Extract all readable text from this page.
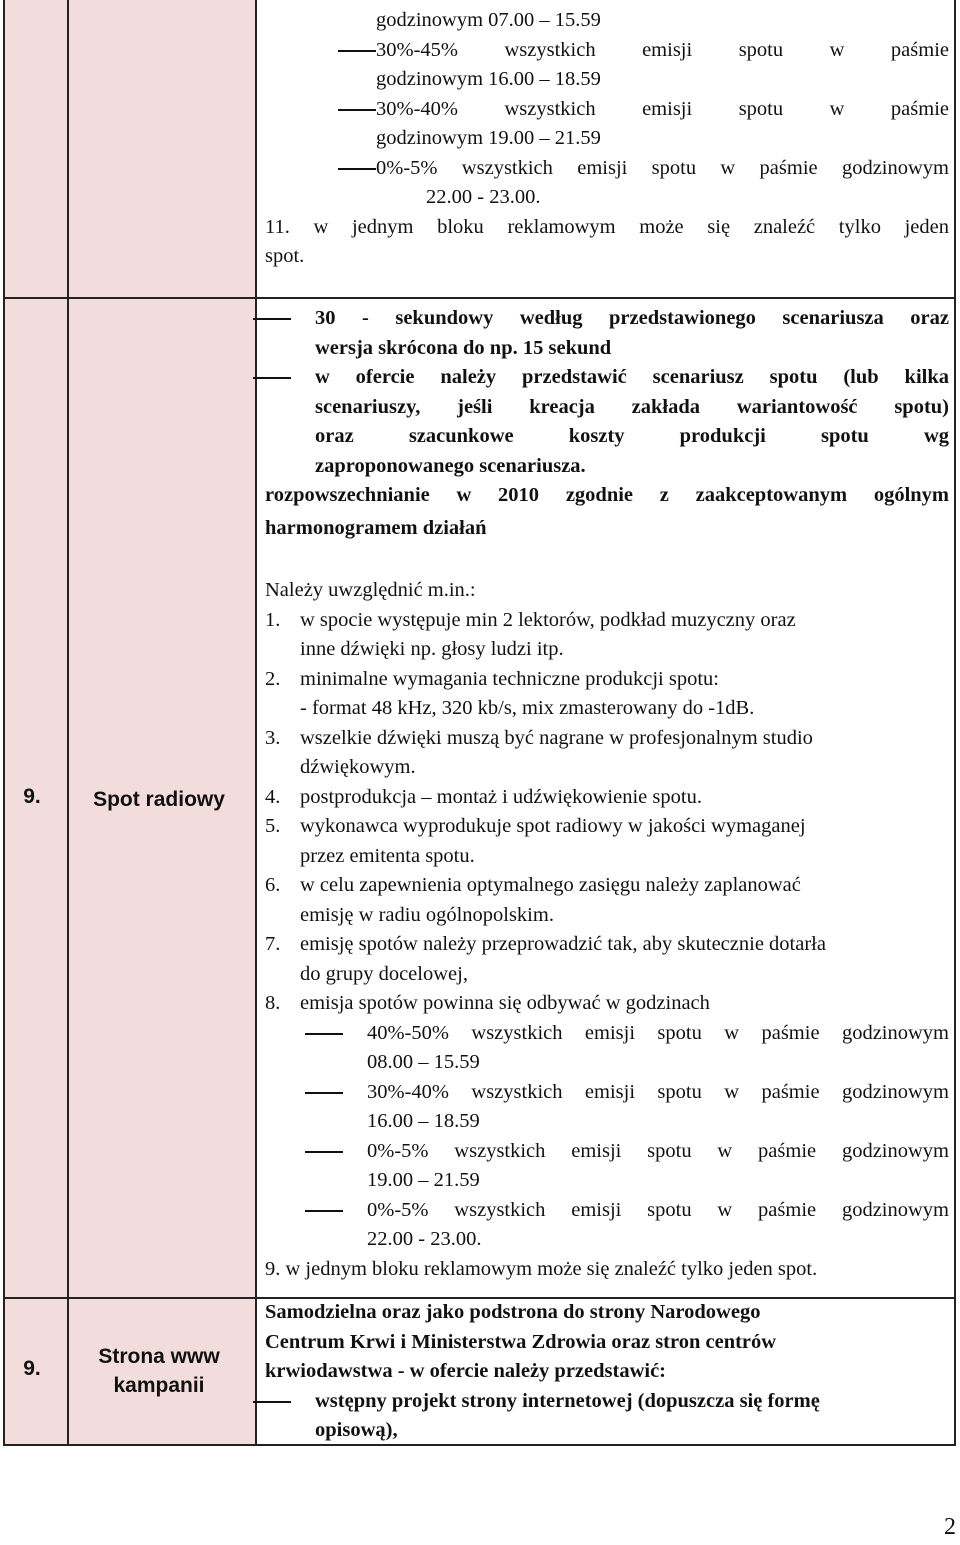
godzinowym 07.00 – 15.59
30%-45% wszystkich emisji spotu w paśmie
godzinowym 16.00 – 18.59
30%-40% wszystkich emisji spotu w paśmie
godzinowym 19.00 – 21.59
0%-5% wszystkich emisji spotu w paśmie godzinowym
22.00 - 23.00.
11. w jednym bloku reklamowym może się znaleźć tylko jeden
spot.
9.	Spot radiowy
30 - sekundowy według przedstawionego scenariusza oraz
wersja skrócona do np. 15 sekund
w ofercie należy przedstawić scenariusz spotu (lub kilka
scenariuszy, jeśli kreacja zakłada wariantowość spotu)
oraz szacunkowe koszty produkcji spotu wg
zaproponowanego scenariusza.
rozpowszechnianie w 2010 zgodnie z zaakceptowanym ogólnym
harmonogramem działań
Należy uwzględnić m.in.:
1. w spocie występuje min 2 lektorów, podkład muzyczny oraz
inne dźwięki np. głosy ludzi itp.
2. minimalne wymagania techniczne produkcji spotu:
- format 48 kHz, 320 kb/s, mix zmasterowany do -1dB.
3. wszelkie dźwięki muszą być nagrane w profesjonalnym studio
dźwiękowym.
4. postprodukcja – montaż i udźwiękowienie spotu.
5. wykonawca wyprodukuje spot radiowy w jakości wymaganej
przez emitenta spotu.
6. w celu zapewnienia optymalnego zasięgu należy zaplanować
emisję w radiu ogólnopolskim.
7. emisję spotów należy przeprowadzić tak, aby skutecznie dotarła
do grupy docelowej,
8. emisja spotów powinna się odbywać w godzinach
40%-50% wszystkich emisji spotu w paśmie godzinowym
08.00 – 15.59
30%-40% wszystkich emisji spotu w paśmie godzinowym
16.00 – 18.59
0%-5% wszystkich emisji spotu w paśmie godzinowym
19.00 – 21.59
0%-5% wszystkich emisji spotu w paśmie godzinowym
22.00 - 23.00.
9. w jednym bloku reklamowym może się znaleźć tylko jeden spot.
9.
Strona www
kampanii
Samodzielna oraz jako podstrona do strony Narodowego
Centrum Krwi i Ministerstwa Zdrowia oraz stron centrów
krwiodawstwa - w ofercie należy przedstawić:
wstępny projekt strony internetowej (dopuszcza się formę
opisową),
2
